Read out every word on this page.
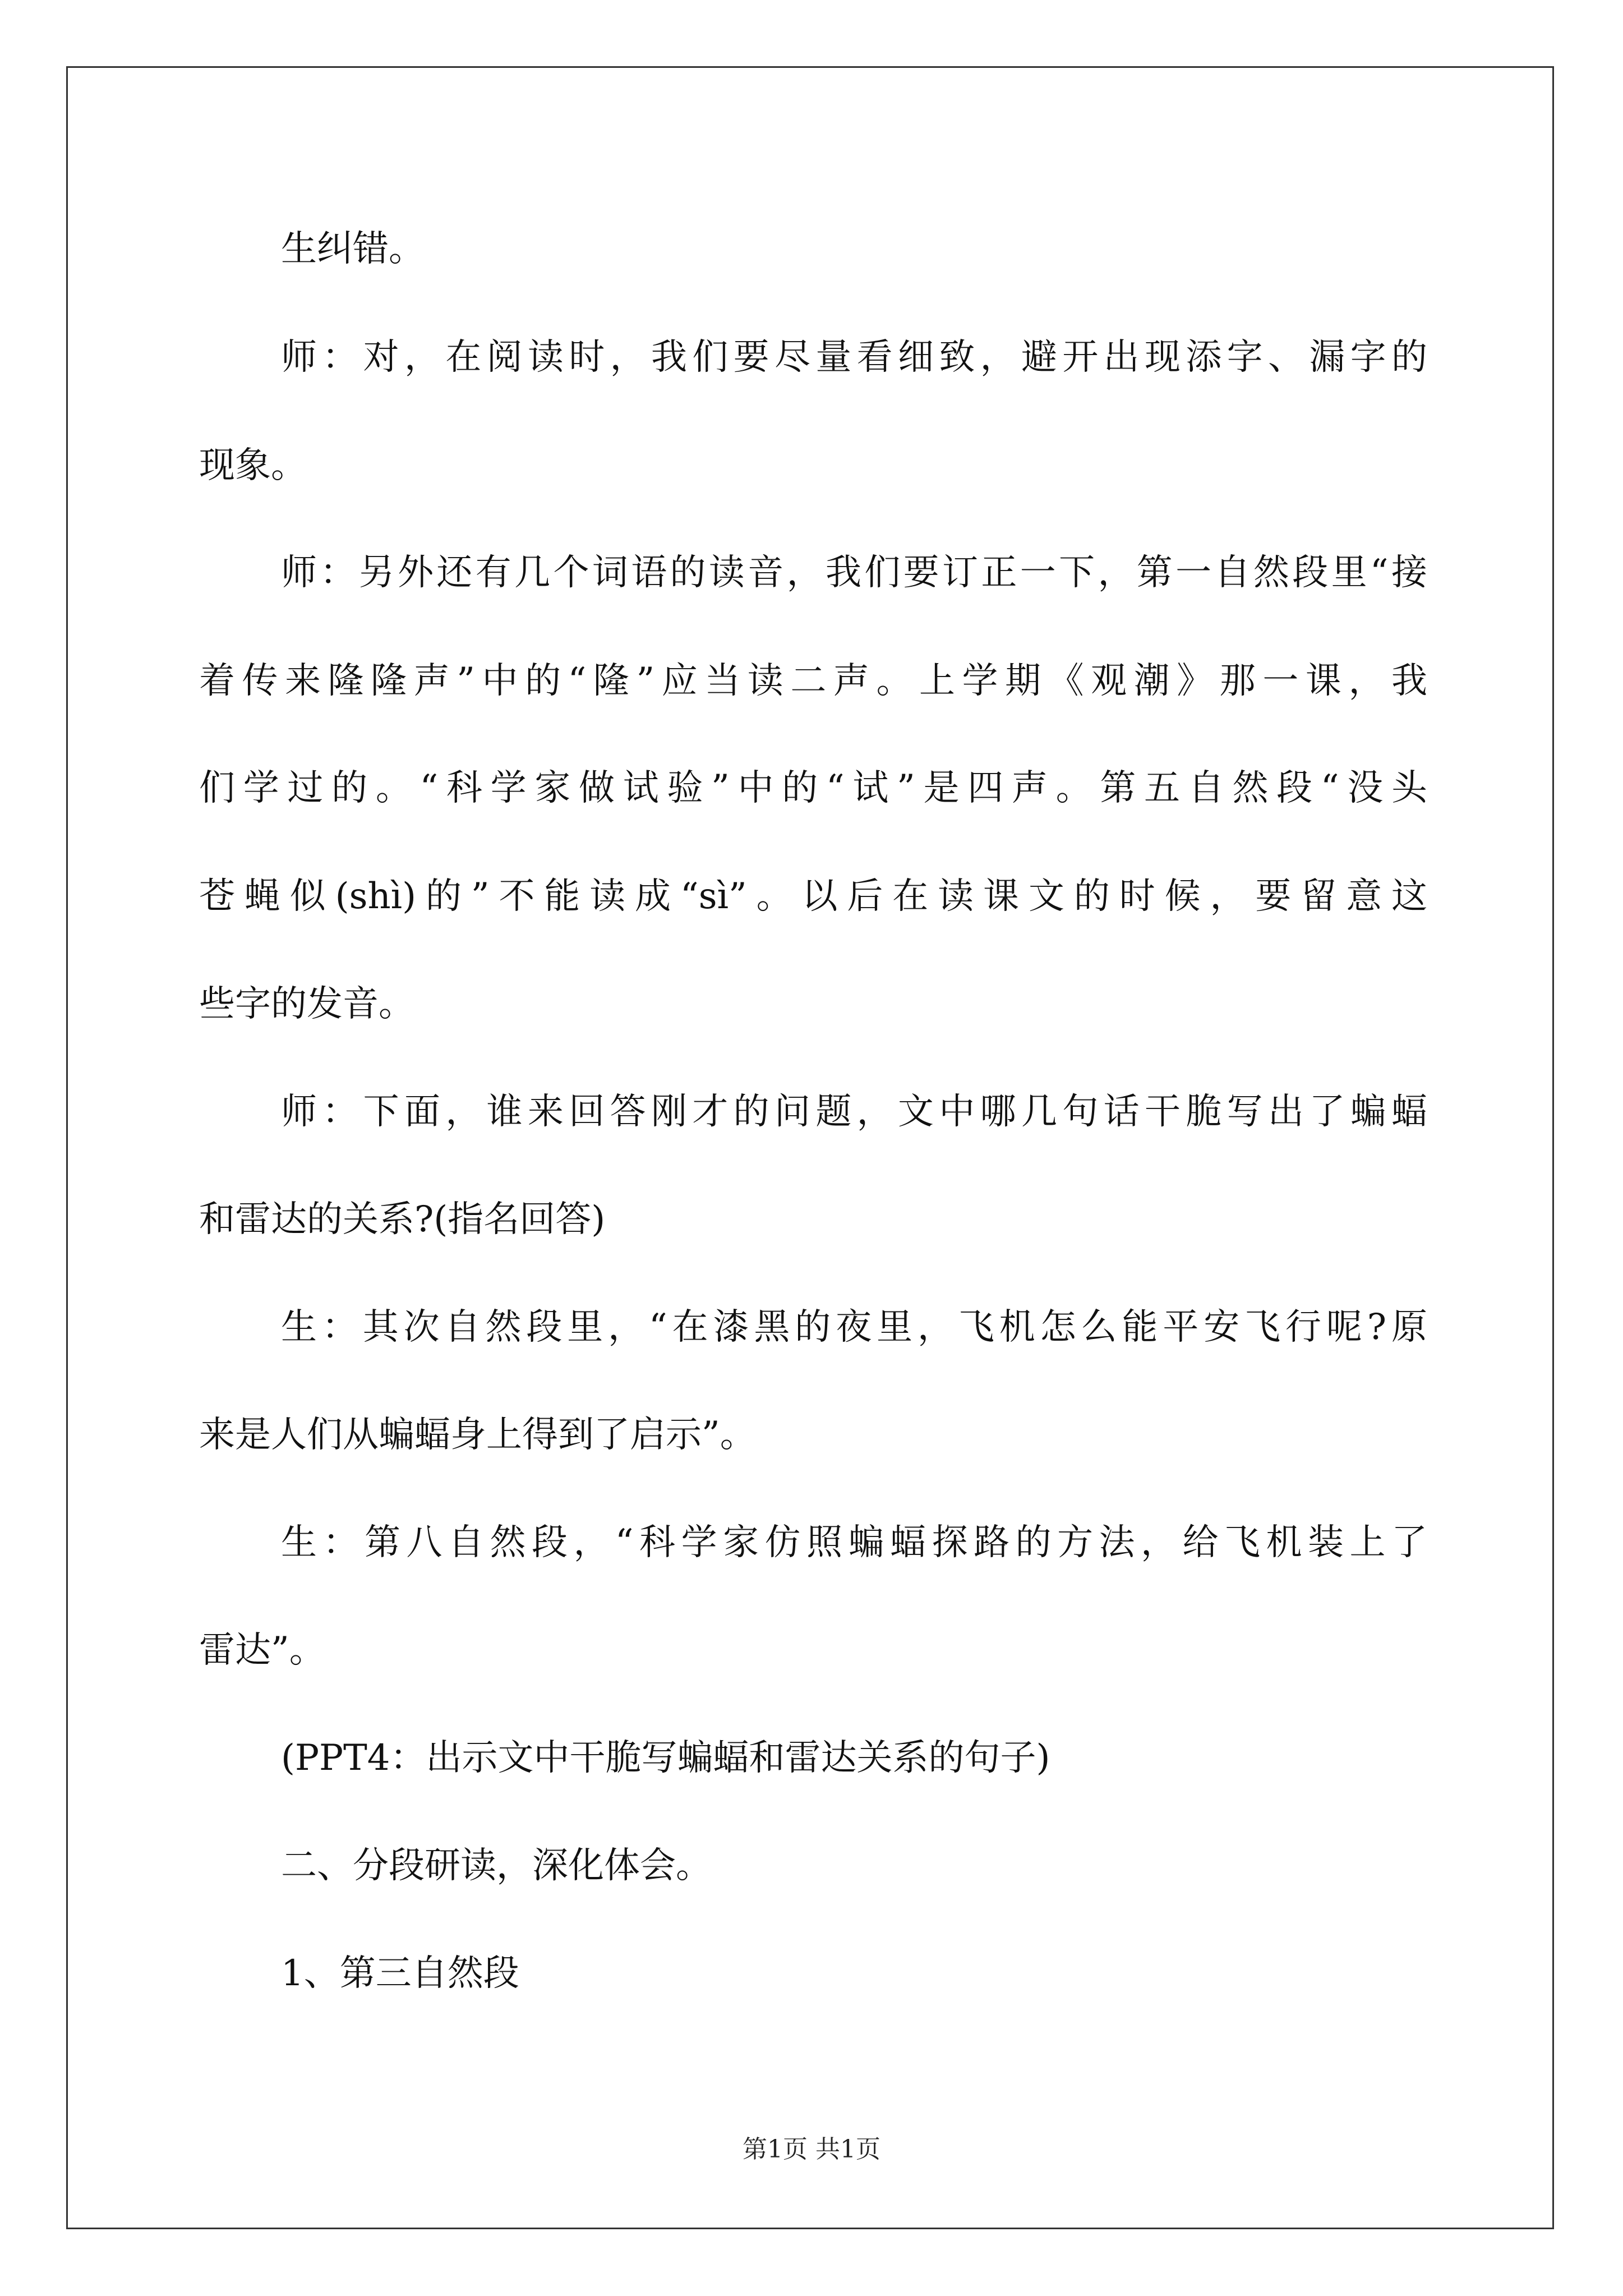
生纠错。
师：对，在阅读时，我们要尽量看细致，避开出现添字、漏字的
现象。
师：另外还有几个词语的读音，我们要订正一下，第一自然段里“接
着传来隆隆声”中的“隆”应当读二声。上学期《观潮》那一课，我
们学过的。“科学家做试验”中的“试”是四声。第五自然段“没头
苍蝇似(shì)的”不能读成“sì”。以后在读课文的时候，要留意这
些字的发音。
师：下面，谁来回答刚才的问题，文中哪几句话干脆写出了蝙蝠
和雷达的关系?(指名回答)
生：其次自然段里，“在漆黑的夜里，飞机怎么能平安飞行呢?原
来是人们从蝙蝠身上得到了启示”。
生：第八自然段，“科学家仿照蝙蝠探路的方法，给飞机装上了
雷达”。
(PPT4：出示文中干脆写蝙蝠和雷达关系的句子)
二、分段研读，深化体会。
1、第三自然段
第1页 共1页
